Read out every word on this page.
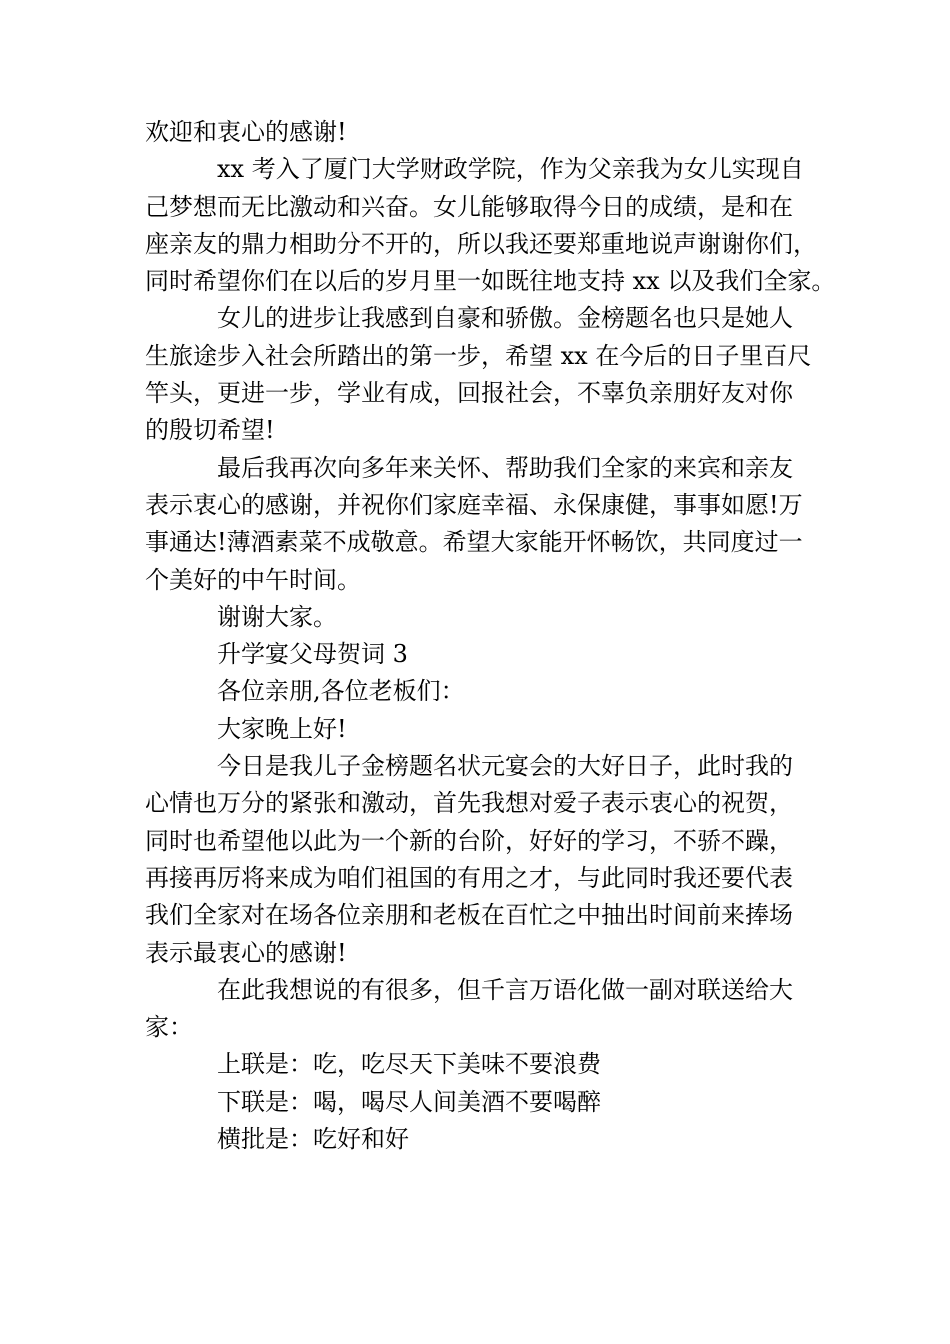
欢迎和衷心的感谢!

xx 考入了厦门大学财政学院，作为父亲我为女儿实现自

己梦想而无比激动和兴奋。女儿能够取得今日的成绩，是和在

座亲友的鼎力相助分不开的，所以我还要郑重地说声谢谢你们，

同时希望你们在以后的岁月里一如既往地支持 xx 以及我们全家。

女儿的进步让我感到自豪和骄傲。金榜题名也只是她人

生旅途步入社会所踏出的第一步，希望 xx 在今后的日子里百尺

竿头，更进一步，学业有成，回报社会，不辜负亲朋好友对你

的殷切希望!

最后我再次向多年来关怀、帮助我们全家的来宾和亲友

表示衷心的感谢，并祝你们家庭幸福、永保康健，事事如愿!万

事通达!薄酒素菜不成敬意。希望大家能开怀畅饮，共同度过一

个美好的中午时间。

谢谢大家。

升学宴父母贺词 3

各位亲朋,各位老板们：

大家晚上好!

今日是我儿子金榜题名状元宴会的大好日子，此时我的

心情也万分的紧张和激动，首先我想对爱子表示衷心的祝贺，

同时也希望他以此为一个新的台阶，好好的学习，不骄不躁，

再接再厉将来成为咱们祖国的有用之才，与此同时我还要代表

我们全家对在场各位亲朋和老板在百忙之中抽出时间前来捧场

表示最衷心的感谢!

在此我想说的有很多，但千言万语化做一副对联送给大

家：

上联是：吃，吃尽天下美味不要浪费

下联是：喝，喝尽人间美酒不要喝醉

横批是：吃好和好
